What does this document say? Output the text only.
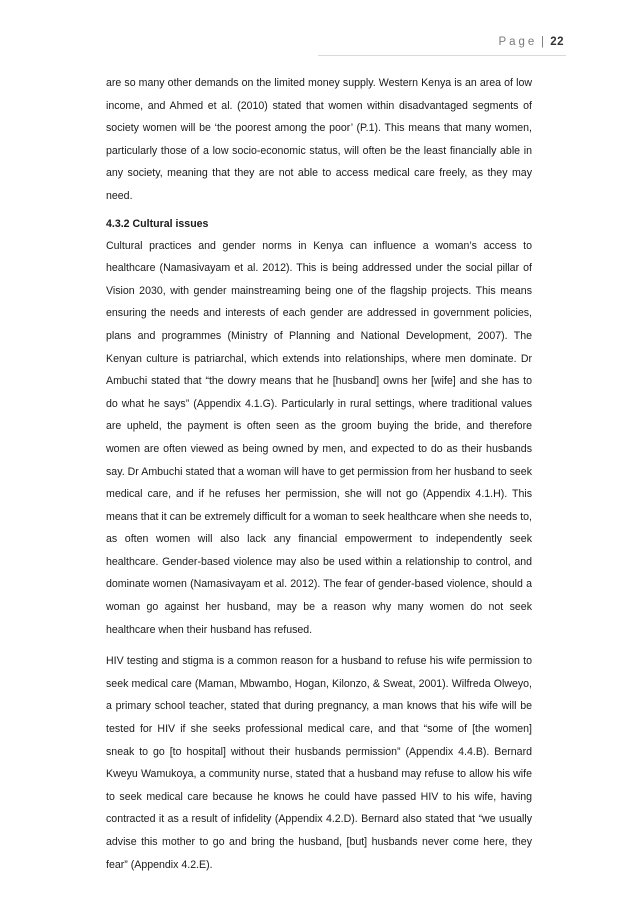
Page | 22

are so many other demands on the limited money supply. Western Kenya is an area of low income, and Ahmed et al. (2010) stated that women within disadvantaged segments of society women will be ‘the poorest among the poor’ (P.1). This means that many women, particularly those of a low socio-economic status, will often be the least financially able in any society, meaning that they are not able to access medical care freely, as they may need.

4.3.2 Cultural issues

Cultural practices and gender norms in Kenya can influence a woman’s access to healthcare (Namasivayam et al. 2012). This is being addressed under the social pillar of Vision 2030, with gender mainstreaming being one of the flagship projects. This means ensuring the needs and interests of each gender are addressed in government policies, plans and programmes (Ministry of Planning and National Development, 2007). The Kenyan culture is patriarchal, which extends into relationships, where men dominate. Dr Ambuchi stated that “the dowry means that he [husband] owns her [wife] and she has to do what he says” (Appendix 4.1.G). Particularly in rural settings, where traditional values are upheld, the payment is often seen as the groom buying the bride, and therefore women are often viewed as being owned by men, and expected to do as their husbands say. Dr Ambuchi stated that a woman will have to get permission from her husband to seek medical care, and if he refuses her permission, she will not go (Appendix 4.1.H). This means that it can be extremely difficult for a woman to seek healthcare when she needs to, as often women will also lack any financial empowerment to independently seek healthcare. Gender-based violence may also be used within a relationship to control, and dominate women (Namasivayam et al. 2012). The fear of gender-based violence, should a woman go against her husband, may be a reason why many women do not seek healthcare when their husband has refused.

HIV testing and stigma is a common reason for a husband to refuse his wife permission to seek medical care (Maman, Mbwambo, Hogan, Kilonzo, & Sweat, 2001). Wilfreda Olweyo, a primary school teacher, stated that during pregnancy, a man knows that his wife will be tested for HIV if she seeks professional medical care, and that “some of [the women] sneak to go [to hospital] without their husbands permission” (Appendix 4.4.B). Bernard Kweyu Wamukoya, a community nurse, stated that a husband may refuse to allow his wife to seek medical care because he knows he could have passed HIV to his wife, having contracted it as a result of infidelity (Appendix 4.2.D). Bernard also stated that “we usually advise this mother to go and bring the husband, [but] husbands never come here, they fear” (Appendix 4.2.E).
